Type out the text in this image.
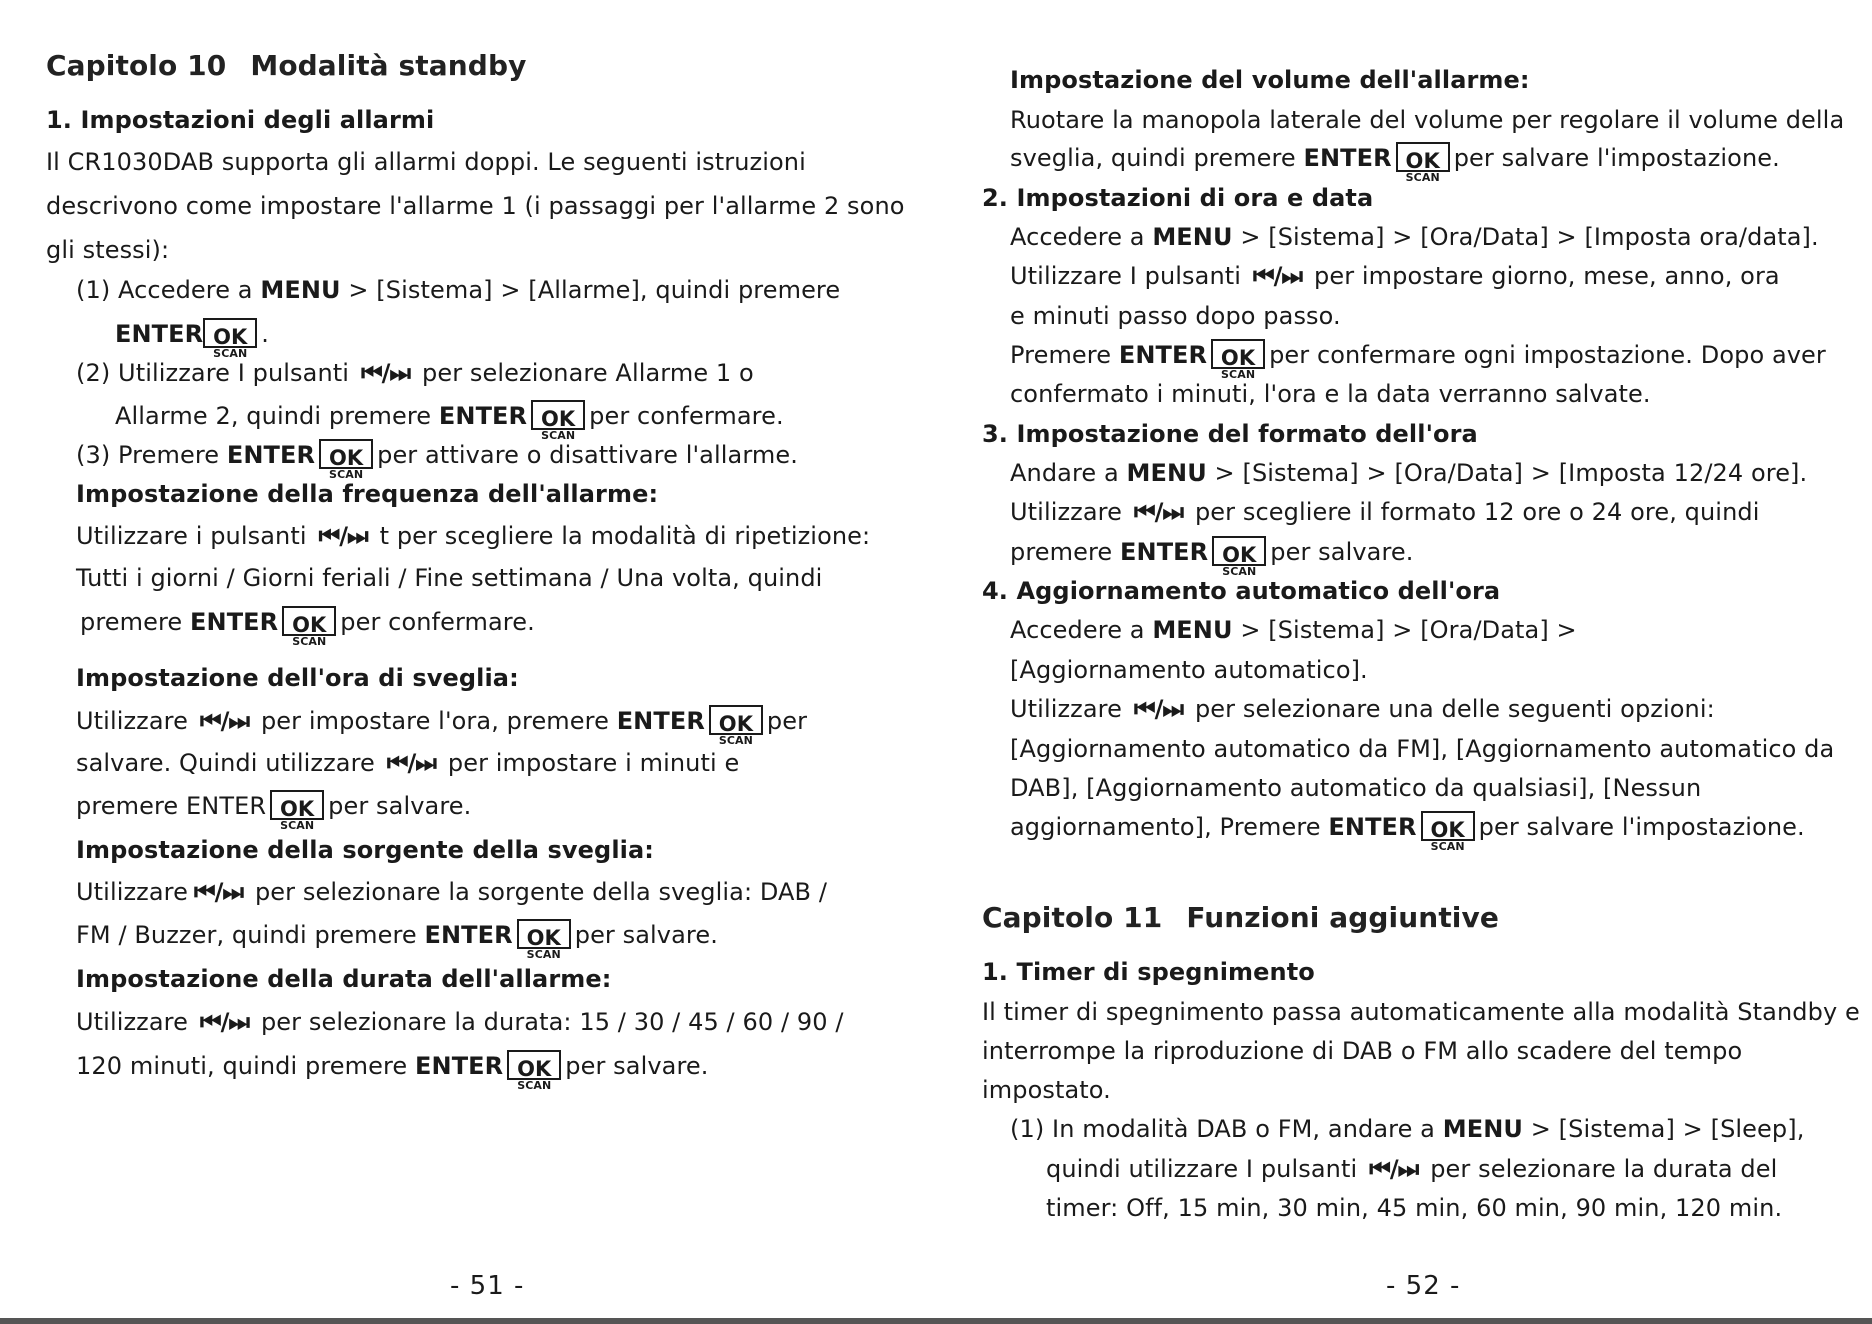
Capitolo 10 Modalità standby
1. Impostazioni degli allarmi
Il CR1030DAB supporta gli allarmi doppi. Le seguenti istruzioni
descrivono come impostare l'allarme 1 (i passaggi per l'allarme 2 sono
gli stessi):
(1) Accedere a MENU > [Sistema] > [Allarme], quindi premere
ENTER OK
SCAN
.
(2) Utilizzare I pulsanti ⏮/⏭ per selezionare Allarme 1 o
Allarme 2, quindi premere ENTER OK
SCAN
per confermare.
(3) Premere ENTER OK
SCAN
per attivare o disattivare l'allarme.
Impostazione della frequenza dell'allarme:
Utilizzare i pulsanti ⏮/⏭ t per scegliere la modalità di ripetizione:
Tutti i giorni / Giorni feriali / Fine settimana / Una volta, quindi
premere ENTER OK
SCAN
per confermare.
Impostazione dell'ora di sveglia:
Utilizzare ⏮/⏭ per impostare l'ora, premere ENTER OK
SCAN
per
salvare. Quindi utilizzare ⏮/⏭ per impostare i minuti e
premere ENTER OK
SCAN
per salvare.
Impostazione della sorgente della sveglia:
Utilizzare ⏮/⏭ per selezionare la sorgente della sveglia: DAB /
FM / Buzzer, quindi premere ENTER OK
SCAN
per salvare.
Impostazione della durata dell'allarme:
Utilizzare ⏮/⏭ per selezionare la durata: 15 / 30 / 45 / 60 / 90 /
120 minuti, quindi premere ENTER OK
SCAN
per salvare.
- 51 -
Impostazione del volume dell'allarme:
Ruotare la manopola laterale del volume per regolare il volume della
sveglia, quindi premere ENTER OK
SCAN
per salvare l'impostazione.
2. Impostazioni di ora e data
Accedere a MENU > [Sistema] > [Ora/Data] > [Imposta ora/data].
Utilizzare I pulsanti ⏮/⏭ per impostare giorno, mese, anno, ora
e minuti passo dopo passo.
Premere ENTER OK
SCAN
per confermare ogni impostazione. Dopo aver
confermato i minuti, l'ora e la data verranno salvate.
3. Impostazione del formato dell'ora
Andare a MENU > [Sistema] > [Ora/Data] > [Imposta 12/24 ore].
Utilizzare ⏮/⏭ per scegliere il formato 12 ore o 24 ore, quindi
premere ENTER OK
SCAN
per salvare.
4. Aggiornamento automatico dell'ora
Accedere a MENU > [Sistema] > [Ora/Data] >
[Aggiornamento automatico].
Utilizzare ⏮/⏭ per selezionare una delle seguenti opzioni:
[Aggiornamento automatico da FM], [Aggiornamento automatico da
DAB], [Aggiornamento automatico da qualsiasi], [Nessun
aggiornamento], Premere ENTER OK
SCAN
per salvare l'impostazione.
Capitolo 11 Funzioni aggiuntive
1. Timer di spegnimento
Il timer di spegnimento passa automaticamente alla modalità Standby e
interrompe la riproduzione di DAB o FM allo scadere del tempo
impostato.
(1) In modalità DAB o FM, andare a MENU > [Sistema] > [Sleep],
quindi utilizzare I pulsanti ⏮/⏭ per selezionare la durata del
timer: Off, 15 min, 30 min, 45 min, 60 min, 90 min, 120 min.
- 52 -
